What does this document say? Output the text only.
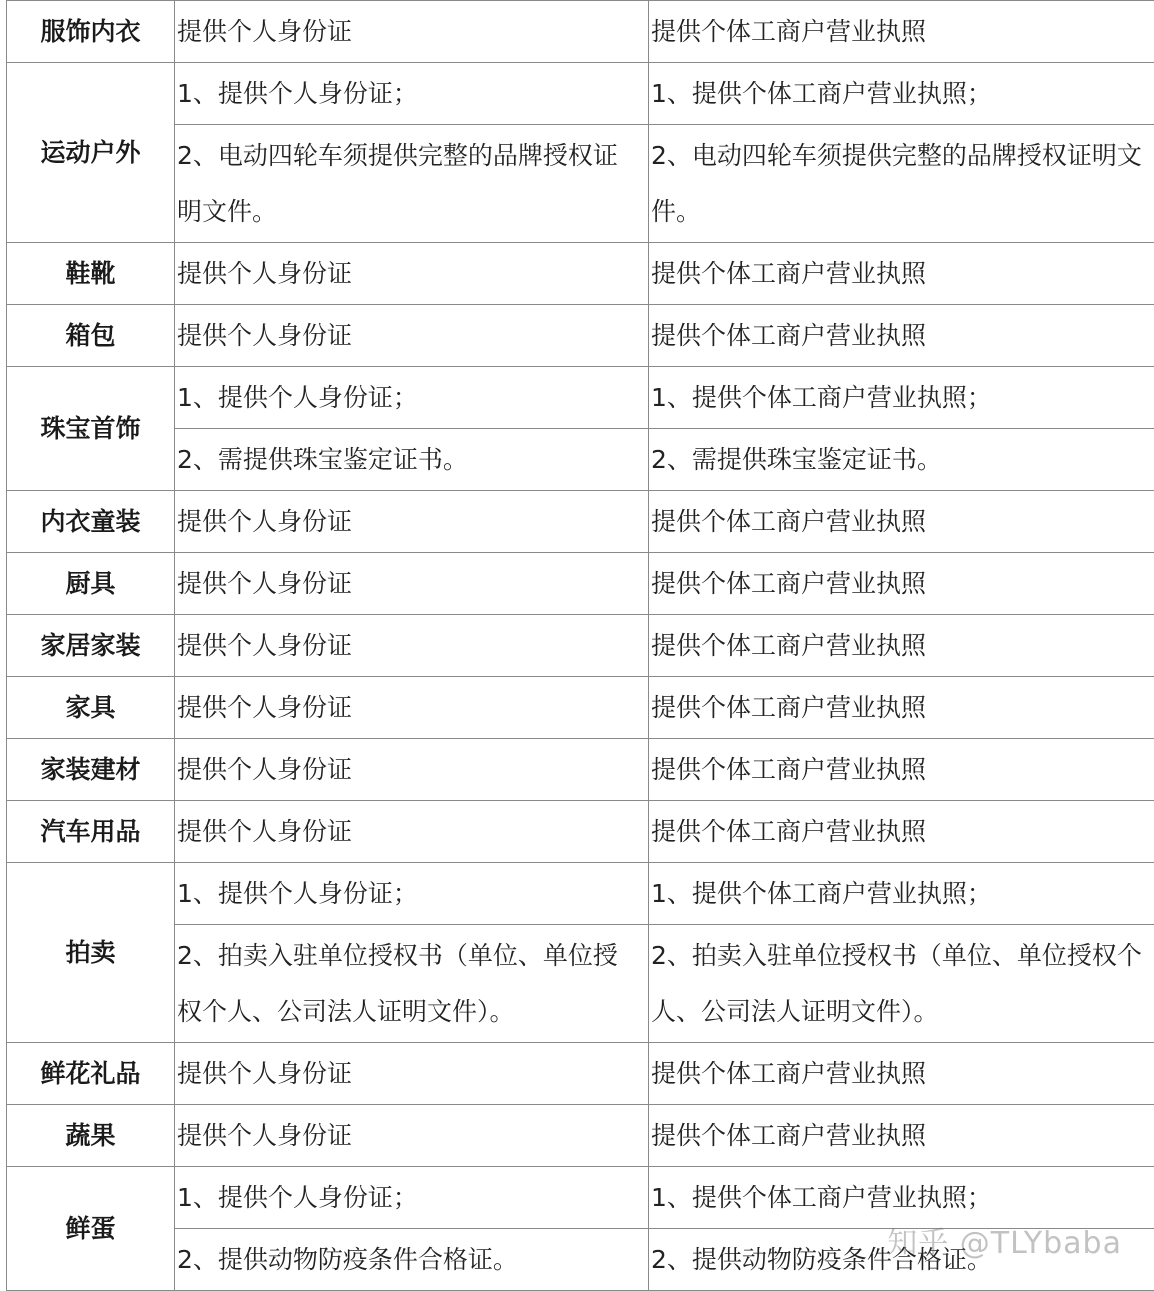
服饰内衣	提供个人身份证	提供个体工商户营业执照
运动户外	1、提供个人身份证；	1、提供个体工商户营业执照；
	2、电动四轮车须提供完整的品牌授权证明文件。	2、电动四轮车须提供完整的品牌授权证明文件。
鞋靴	提供个人身份证	提供个体工商户营业执照
箱包	提供个人身份证	提供个体工商户营业执照
珠宝首饰	1、提供个人身份证；	1、提供个体工商户营业执照；
	2、需提供珠宝鉴定证书。	2、需提供珠宝鉴定证书。
内衣童装	提供个人身份证	提供个体工商户营业执照
厨具	提供个人身份证	提供个体工商户营业执照
家居家装	提供个人身份证	提供个体工商户营业执照
家具	提供个人身份证	提供个体工商户营业执照
家装建材	提供个人身份证	提供个体工商户营业执照
汽车用品	提供个人身份证	提供个体工商户营业执照
拍卖	1、提供个人身份证；	1、提供个体工商户营业执照；
	2、拍卖入驻单位授权书（单位、单位授权个人、公司法人证明文件）。	2、拍卖入驻单位授权书（单位、单位授权个人、公司法人证明文件）。
鲜花礼品	提供个人身份证	提供个体工商户营业执照
蔬果	提供个人身份证	提供个体工商户营业执照
鲜蛋	1、提供个人身份证；	1、提供个体工商户营业执照；
	2、提供动物防疫条件合格证。	2、提供动物防疫条件合格证。
知乎 @TLYbaba
